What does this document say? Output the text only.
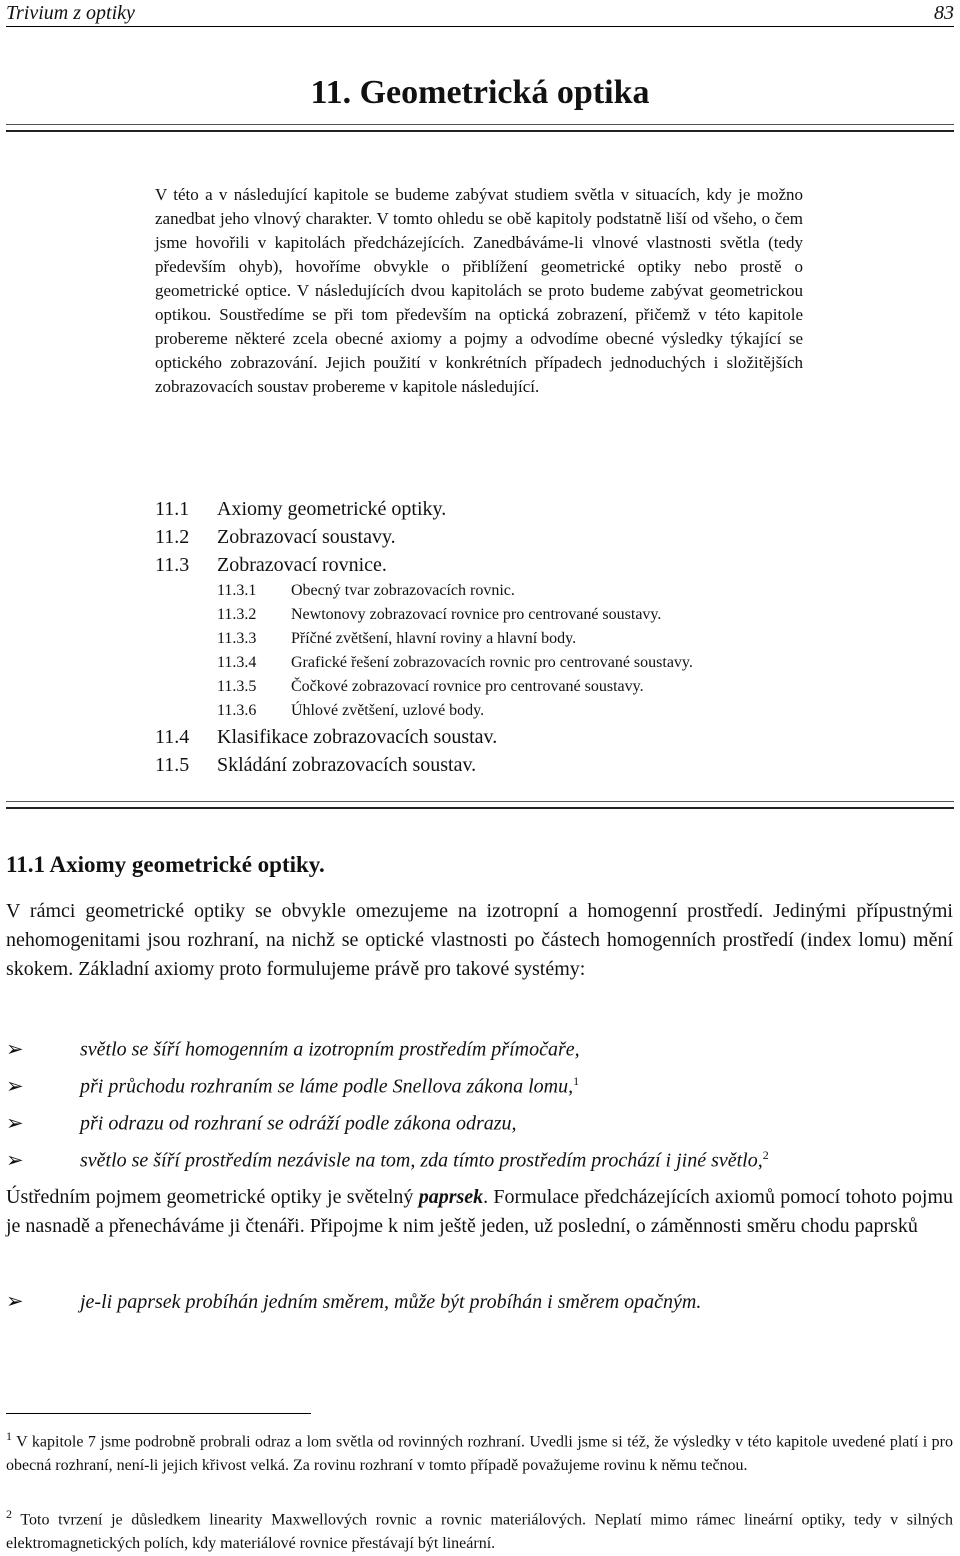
Trivium z optiky	83
11. Geometrická optika

V této a v následující kapitole se budeme zabývat studiem světla v situacích, kdy je možno zanedbat jeho vlnový charakter. V tomto ohledu se obě kapitoly podstatně liší od všeho, o čem jsme hovořili v kapitolách předcházejících. Zanedbáváme-li vlnové vlastnosti světla (tedy především ohyb), hovoříme obvykle o přiblížení geometrické optiky nebo prostě o geometrické optice. V následujících dvou kapitolách se proto budeme zabývat geometrickou optikou. Soustředíme se při tom především na optická zobrazení, přičemž v této kapitole probereme některé zcela obecné axiomy a pojmy a odvodíme obecné výsledky týkající se optického zobrazování. Jejich použití v konkrétních případech jednoduchých i složitějších zobrazovacích soustav probereme v kapitole následující.

11.1 Axiomy geometrické optiky.
11.2 Zobrazovací soustavy.
11.3 Zobrazovací rovnice.
11.3.1 Obecný tvar zobrazovacích rovnic.
11.3.2 Newtonovy zobrazovací rovnice pro centrované soustavy.
11.3.3 Příčné zvětšení, hlavní roviny a hlavní body.
11.3.4 Grafické řešení zobrazovacích rovnic pro centrované soustavy.
11.3.5 Čočkové zobrazovací rovnice pro centrované soustavy.
11.3.6 Úhlové zvětšení, uzlové body.
11.4 Klasifikace zobrazovacích soustav.
11.5 Skládání zobrazovacích soustav.
11.1 Axiomy geometrické optiky.

V rámci geometrické optiky se obvykle omezujeme na izotropní a homogenní prostředí. Jedinými přípustnými nehomogenitami jsou rozhraní, na nichž se optické vlastnosti po částech homogenních prostředí (index lomu) mění skokem. Základní axiomy proto formulujeme právě pro takové systémy:

➢	světlo se šíří homogenním a izotropním prostředím přímočaře,
➢	při průchodu rozhraním se láme podle Snellova zákona lomu,$^1$
➢	při odrazu od rozhraní se odráží podle zákona odrazu,
➢	světlo se šíří prostředím nezávisle na tom, zda tímto prostředím prochází i jiné světlo,$^2$

Ústředním pojmem geometrické optiky je světelný paprsek. Formulace předcházejících axiomů pomocí tohoto pojmu je nasnadě a přenecháváme ji čtenáři. Připojme k nim ještě jeden, už poslední, o záměnnosti směru chodu paprsků

➢	je-li paprsek probíhán jedním směrem, může být probíhán i směrem opačným.

$^1$ V kapitole 7 jsme podrobně probrali odraz a lom světla od rovinných rozhraní. Uvedli jsme si též, že výsledky v této kapitole uvedené platí i pro obecná rozhraní, není-li jejich křivost velká. Za rovinu rozhraní v tomto případě považujeme rovinu k němu tečnou.

$^2$ Toto tvrzení je důsledkem linearity Maxwellových rovnic a rovnic materiálových. Neplatí mimo rámec lineární optiky, tedy v silných elektromagnetických polích, kdy materiálové rovnice přestávají být lineární.
